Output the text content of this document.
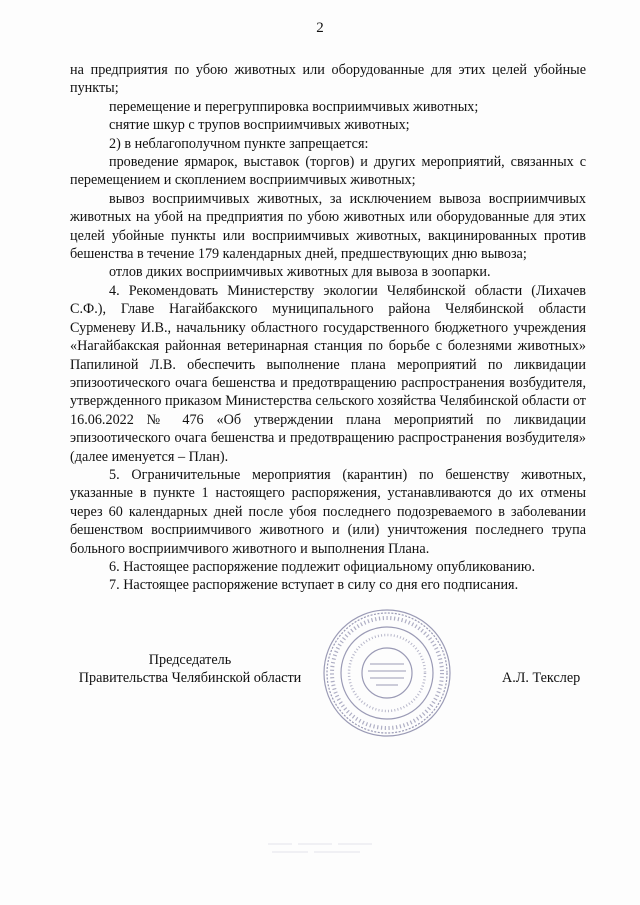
2

на предприятия по убою животных или оборудованные для этих целей убойные пункты;

перемещение и перегруппировка восприимчивых животных;

снятие шкур с трупов восприимчивых животных;

2) в неблагополучном пункте запрещается:

проведение ярмарок, выставок (торгов) и других мероприятий, связанных с перемещением и скоплением восприимчивых животных;

вывоз восприимчивых животных, за исключением вывоза восприимчивых животных на убой на предприятия по убою животных или оборудованные для этих целей убойные пункты или восприимчивых животных, вакцинированных против бешенства в течение 179 календарных дней, предшествующих дню вывоза;

отлов диких восприимчивых животных для вывоза в зоопарки.

4. Рекомендовать Министерству экологии Челябинской области (Лихачев С.Ф.), Главе Нагайбакского муниципального района Челябинской области Сурменеву И.В., начальнику областного государственного бюджетного учреждения «Нагайбакская районная ветеринарная станция по борьбе с болезнями животных» Папилиной Л.В. обеспечить выполнение плана мероприятий по ликвидации эпизоотического очага бешенства и предотвращению распространения возбудителя, утвержденного приказом Министерства сельского хозяйства Челябинской области от 16.06.2022 № 476 «Об утверждении плана мероприятий по ликвидации эпизоотического очага бешенства и предотвращению распространения возбудителя» (далее именуется – План).

5. Ограничительные мероприятия (карантин) по бешенству животных, указанные в пункте 1 настоящего распоряжения, устанавливаются до их отмены через 60 календарных дней после убоя последнего подозреваемого в заболевании бешенством восприимчивого животного и (или) уничтожения последнего трупа больного восприимчивого животного и выполнения Плана.

6. Настоящее распоряжение подлежит официальному опубликованию.

7. Настоящее распоряжение вступает в силу со дня его подписания.

Председатель
Правительства Челябинской области	А.Л. Текслер
